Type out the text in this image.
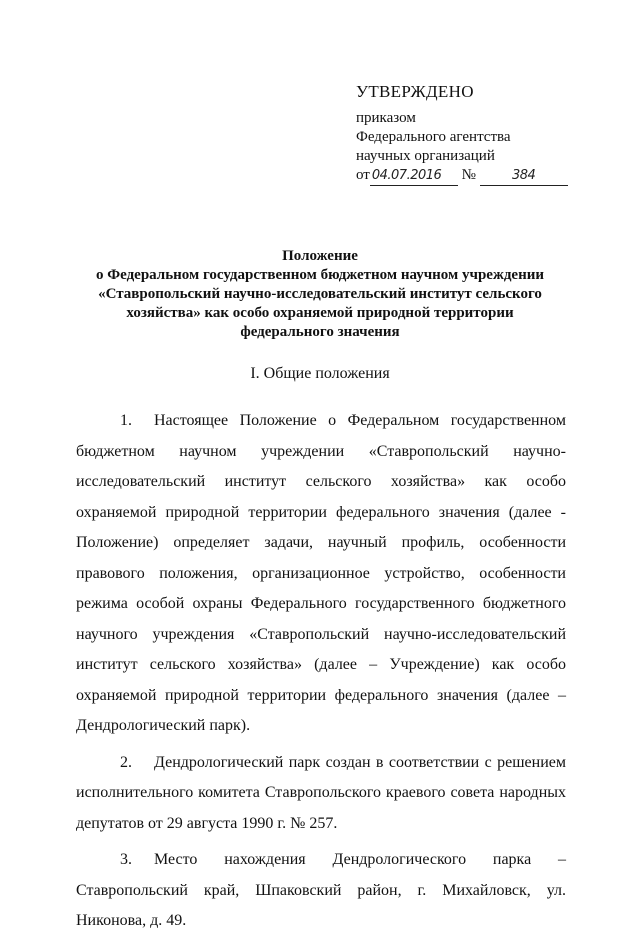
УТВЕРЖДЕНО
приказом
Федерального агентства
научных организаций
от 04.07.2016 №	384
Положение
о Федеральном государственном бюджетном научном учреждении
«Ставропольский научно-исследовательский институт сельского
хозяйства» как особо охраняемой природной территории
федерального значения
I. Общие положения

1. Настоящее Положение о Федеральном государственном бюджетном научном учреждении «Ставропольский научно-исследовательский институт сельского хозяйства» как особо охраняемой природной территории федерального значения (далее - Положение) определяет задачи, научный профиль, особенности правового положения, организационное устройство, особенности режима особой охраны Федерального государственного бюджетного научного учреждения «Ставропольский научно-исследовательский институт сельского хозяйства» (далее – Учреждение) как особо охраняемой природной территории федерального значения (далее – Дендрологический парк).

2. Дендрологический парк создан в соответствии с решением исполнительного комитета Ставропольского краевого совета народных депутатов от 29 августа 1990 г. № 257.

3. Место нахождения Дендрологического парка – Ставропольский край, Шпаковский район, г. Михайловск, ул. Никонова, д. 49.
